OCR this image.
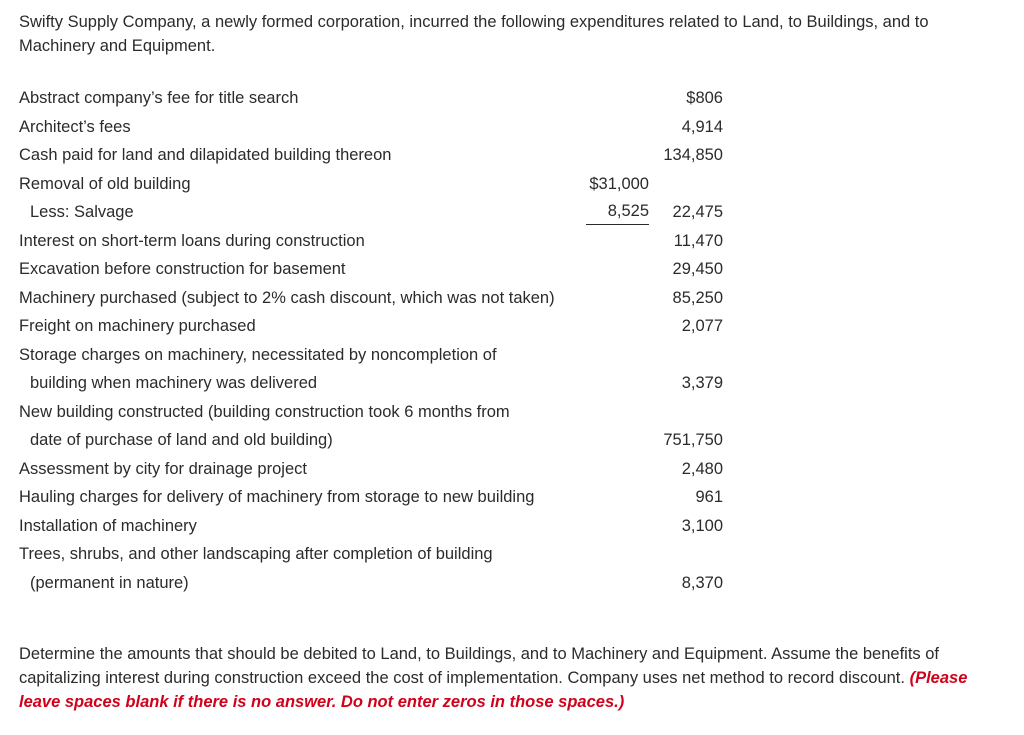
Swifty Supply Company, a newly formed corporation, incurred the following expenditures related to Land, to Buildings, and to Machinery and Equipment.
Abstract company’s fee for title search	$806
Architect’s fees	4,914
Cash paid for land and dilapidated building thereon	134,850
Removal of old building	$31,000
Less: Salvage	8,525 22,475
Interest on short-term loans during construction	11,470
Excavation before construction for basement	29,450
Machinery purchased (subject to 2% cash discount, which was not taken)	85,250
Freight on machinery purchased	2,077
Storage charges on machinery, necessitated by noncompletion of
building when machinery was delivered	3,379
New building constructed (building construction took 6 months from
date of purchase of land and old building)	751,750
Assessment by city for drainage project	2,480
Hauling charges for delivery of machinery from storage to new building	961
Installation of machinery	3,100
Trees, shrubs, and other landscaping after completion of building
(permanent in nature)	8,370
Determine the amounts that should be debited to Land, to Buildings, and to Machinery and Equipment. Assume the benefits of capitalizing interest during construction exceed the cost of implementation. Company uses net method to record discount. (Please leave spaces blank if there is no answer. Do not enter zeros in those spaces.)
